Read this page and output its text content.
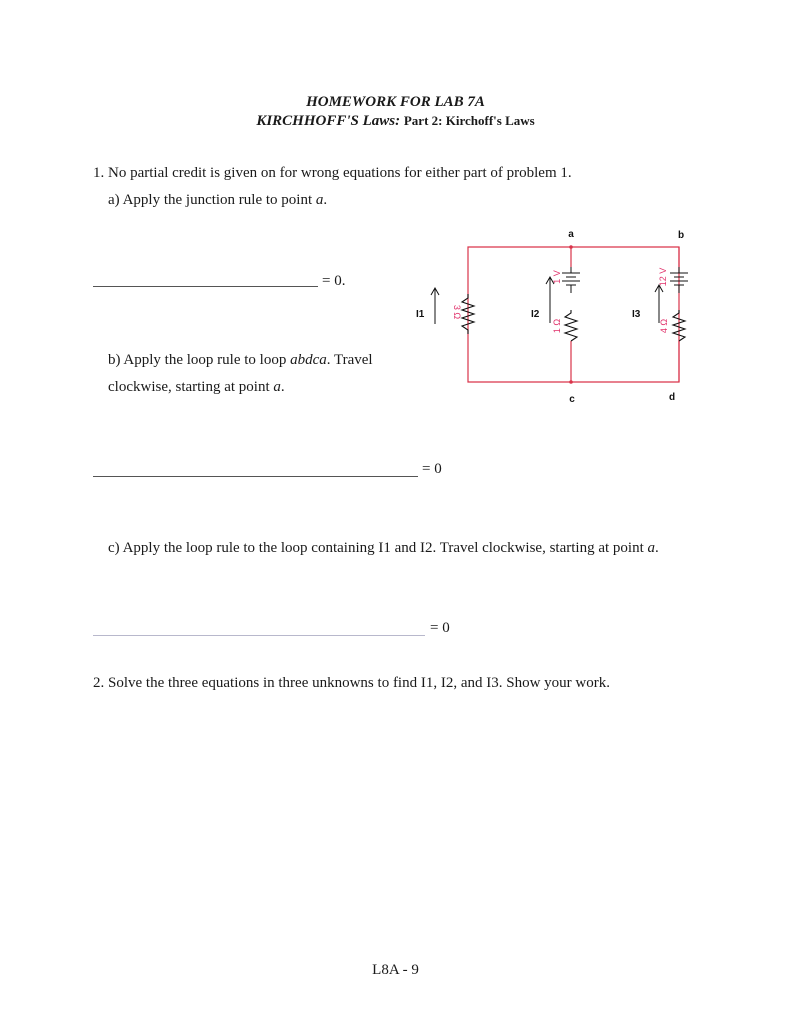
HOMEWORK FOR LAB 7A
KIRCHHOFF'S Laws: Part 2: Kirchoff's Laws
1. No partial credit is given on for wrong equations for either part of problem 1.
a) Apply the junction rule to point a.
= 0.
b) Apply the loop rule to loop abdca. Travel
clockwise, starting at point a.
= 0
c) Apply the loop rule to the loop containing I1 and I2. Travel clockwise, starting at point a.
= 0
2. Solve the three equations in three unknowns to find I1, I2, and I3. Show your work.
a	b
c	d
I1	I2	I3
3 Ω
1 Ω	4 Ω
1 V	12 V
L8A - 9
